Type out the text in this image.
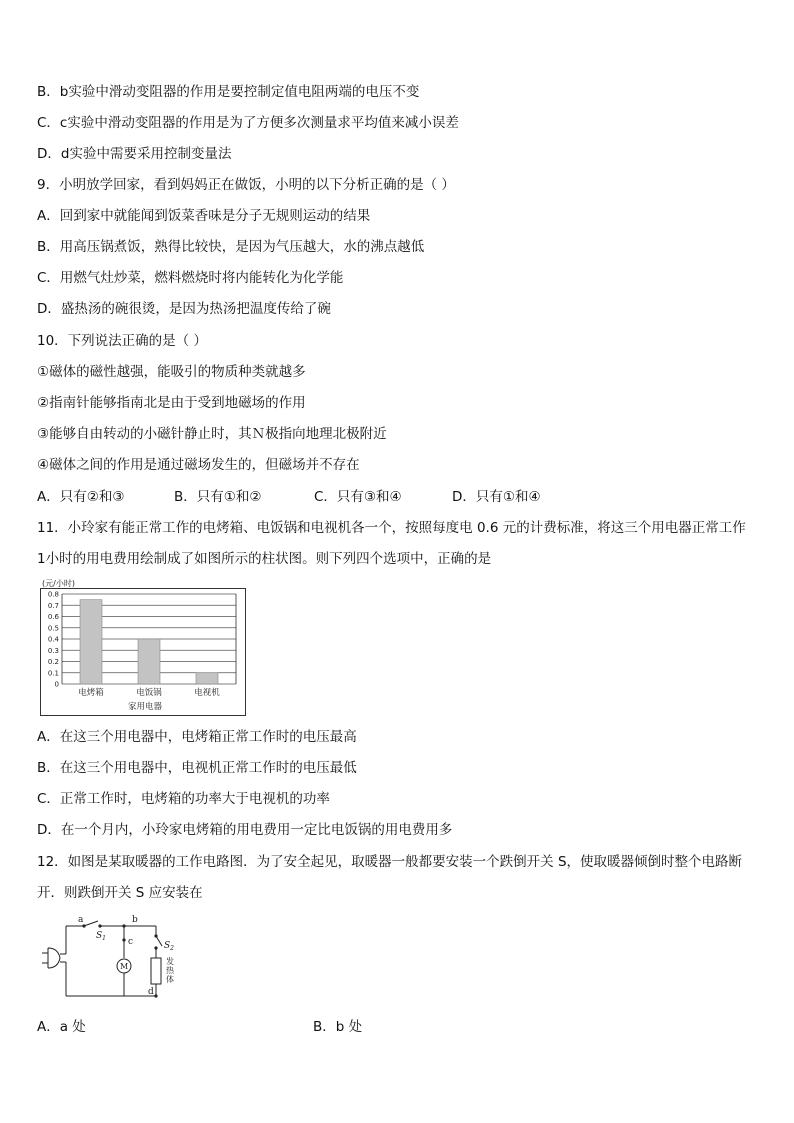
B．b实验中滑动变阻器的作用是要控制定值电阻两端的电压不变
C．c实验中滑动变阻器的作用是为了方便多次测量求平均值来减小误差
D．d实验中需要采用控制变量法
9．小明放学回家，看到妈妈正在做饭，小明的以下分析正确的是（ ）
A．回到家中就能闻到饭菜香味是分子无规则运动的结果
B．用高压锅煮饭，熟得比较快，是因为气压越大，水的沸点越低
C．用燃气灶炒菜，燃料燃烧时将内能转化为化学能
D．盛热汤的碗很烫，是因为热汤把温度传给了碗
10．下列说法正确的是（ ）
①磁体的磁性越强，能吸引的物质种类就越多
②指南针能够指南北是由于受到地磁场的作用
③能够自由转动的小磁针静止时，其Ｎ极指向地理北极附近
④磁体之间的作用是通过磁场发生的，但磁场并不存在
A．只有②和③	B．只有①和②	C．只有③和④	D．只有①和④
11．小玲家有能正常工作的电烤箱、电饭锅和电视机各一个，按照每度电 0.6 元的计费标准，将这三个用电器正常工作
1小时的用电费用绘制成了如图所示的柱状图。则下列四个选项中，正确的是
(元/小时)
家用电器
0.8
0.7
0.6
0.5
0.4
0.3
0.2
0.1
0
电烤箱	电饭锅	电视机
A．在这三个用电器中，电烤箱正常工作时的电压最高
B．在这三个用电器中，电视机正常工作时的电压最低
C．正常工作时，电烤箱的功率大于电视机的功率
D．在一个月内，小玲家电烤箱的用电费用一定比电饭锅的用电费用多
12．如图是某取暖器的工作电路图．为了安全起见，取暖器一般都要安装一个跌倒开关 S，使取暖器倾倒时整个电路断
开．则跌倒开关 S 应安装在
a	b
c
d
$S_1$
$S_2$
M
发热体
A．a 处	B．b 处
